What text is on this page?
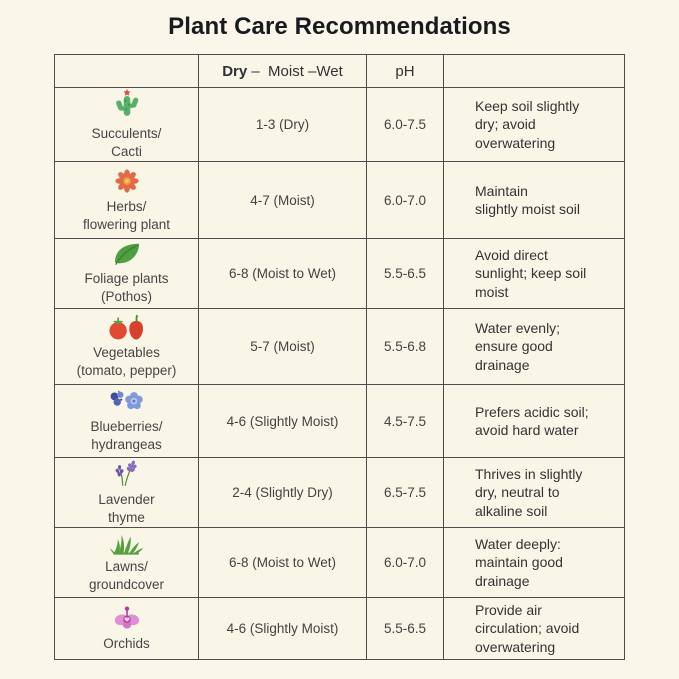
Plant Care Recommendations
	Dry –  Moist –Wet	pH	

Succulents/
Cacti	1-3 (Dry)	6.0-7.5	Keep soil slightly
dry; avoid
overwatering

Herbs/
flowering plant	4-7 (Moist)	6.0-7.0	Maintain
slightly moist soil

Foliage plants
(Pothos)	6-8 (Moist to Wet)	5.5-6.5	Avoid direct
sunlight; keep soil
moist

Vegetables
(tomato, pepper)	5-7 (Moist)	5.5-6.8	Water evenly;
ensure good
drainage

Blueberries/
hydrangeas	4-6 (Slightly Moist)	4.5-7.5	Prefers acidic soil;
avoid hard water

Lavender
thyme	2-4 (Slightly Dry)	6.5-7.5	Thrives in slightly
dry, neutral to
alkaline soil

Lawns/
groundcover	6-8 (Moist to Wet)	6.0-7.0	Water deeply:
maintain good
drainage

Orchids	4-6 (Slightly Moist)	5.5-6.5	Provide air
circulation; avoid
overwatering
